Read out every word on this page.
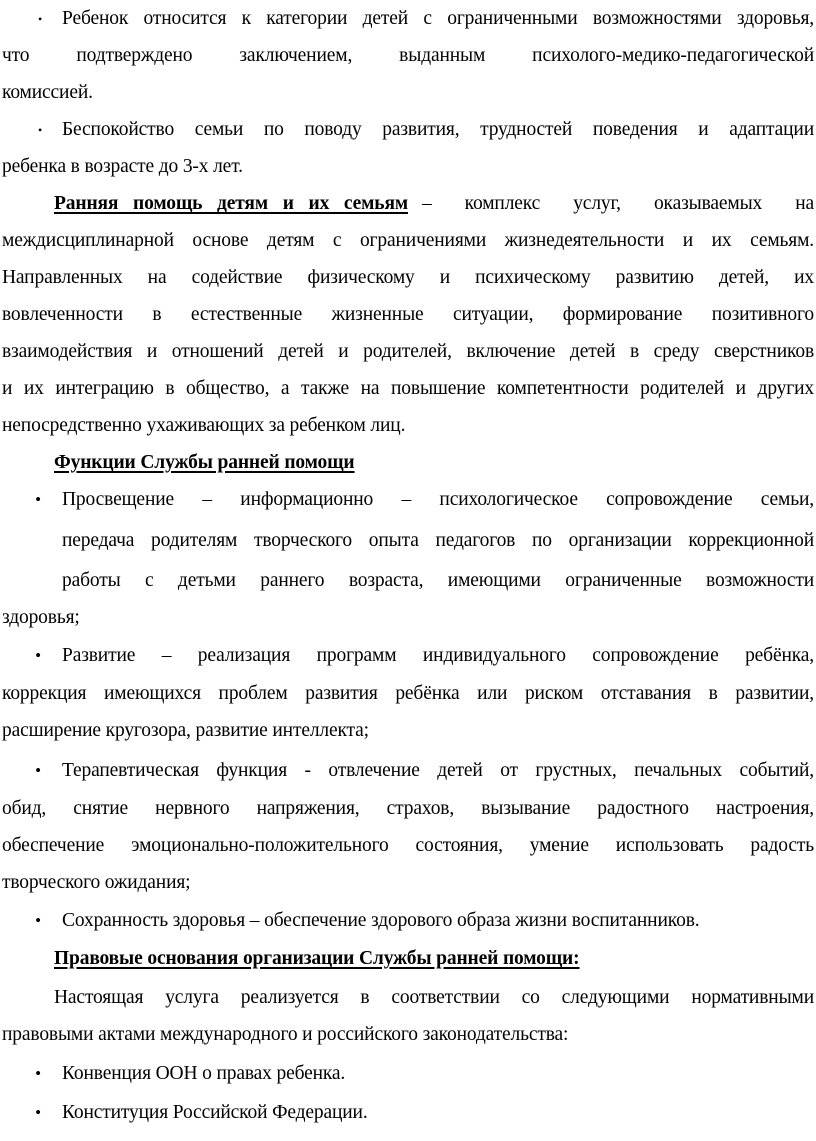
•	Ребенок относится к категории детей с ограниченными возможностями здоровья,
что подтверждено заключением, выданным психолого-медико-педагогической
комиссией.
•	Беспокойство семьи по поводу развития, трудностей поведения и адаптации
ребенка в возрасте до 3-х лет.
Ранняя помощь детям и их семьям – комплекс услуг, оказываемых на
междисциплинарной основе детям с ограничениями жизнедеятельности и их семьям.
Направленных на содействие физическому и психическому развитию детей, их
вовлеченности в естественные жизненные ситуации, формирование позитивного
взаимодействия и отношений детей и родителей, включение детей в среду сверстников
и их интеграцию в общество, а также на повышение компетентности родителей и других
непосредственно ухаживающих за ребенком лиц.
Функции Службы ранней помощи
•	Просвещение – информационно – психологическое сопровождение семьи,
передача родителям творческого опыта педагогов по организации коррекционной
работы с детьми раннего возраста, имеющими ограниченные возможности
здоровья;
•	Развитие – реализация программ индивидуального сопровождение ребёнка,
коррекция имеющихся проблем развития ребёнка или риском отставания в развитии,
расширение кругозора, развитие интеллекта;
•	Терапевтическая функция - отвлечение детей от грустных, печальных событий,
обид, снятие нервного напряжения, страхов, вызывание радостного настроения,
обеспечение эмоционально-положительного состояния, умение использовать радость
творческого ожидания;
•	Сохранность здоровья – обеспечение здорового образа жизни воспитанников.
Правовые основания организации Службы ранней помощи:
Настоящая услуга реализуется в соответствии со следующими нормативными
правовыми актами международного и российского законодательства:
•	Конвенция ООН о правах ребенка.
•	Конституция Российской Федерации.
